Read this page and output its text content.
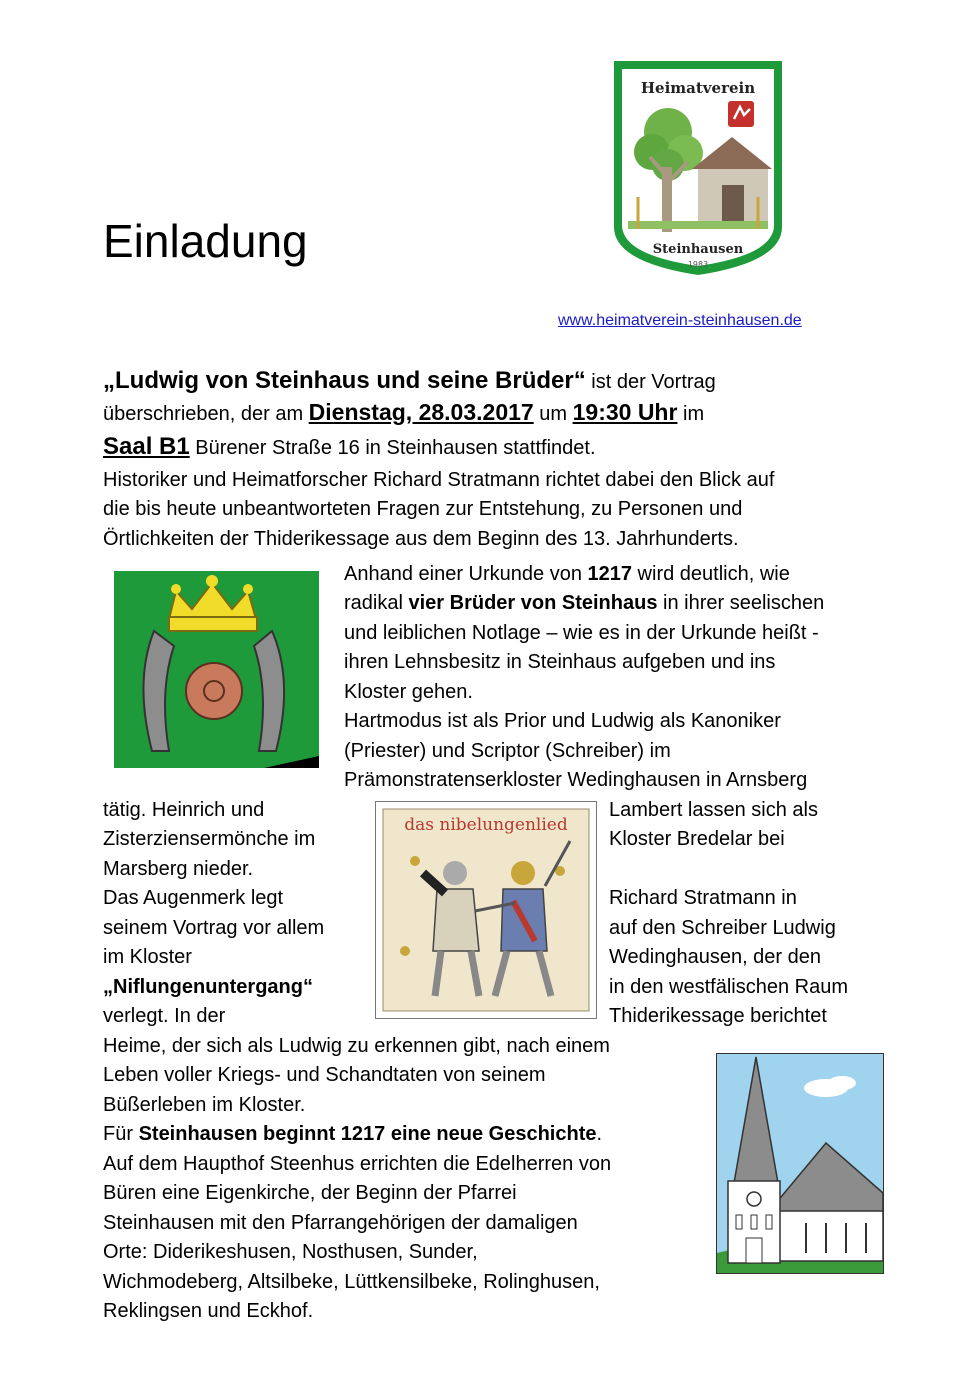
Einladung
Heimatverein
Steinhausen
1983
www.heimatverein-steinhausen.de
„Ludwig von Steinhaus und seine Brüder“ ist der Vortrag
überschrieben, der am Dienstag, 28.03.2017 um 19:30 Uhr im
Saal B1 Bürener Straße 16 in Steinhausen stattfindet.
Historiker und Heimatforscher Richard Stratmann richtet dabei den Blick auf
die bis heute unbeantworteten Fragen zur Entstehung, zu Personen und
Örtlichkeiten der Thiderikessage aus dem Beginn des 13. Jahrhunderts.
Anhand einer Urkunde von 1217 wird deutlich, wie
radikal vier Brüder von Steinhaus in ihrer seelischen
und leiblichen Notlage – wie es in der Urkunde heißt -
ihren Lehnsbesitz in Steinhaus aufgeben und ins
Kloster gehen.
Hartmodus ist als Prior und Ludwig als Kanoniker
(Priester) und Scriptor (Schreiber) im
Prämonstratenserkloster Wedinghausen in Arnsberg
tätig. Heinrich und
Zisterziensermönche im
Marsberg nieder.
Das Augenmerk legt
seinem Vortrag vor allem
im Kloster
„Niflungenuntergang“
verlegt. In der
das nibelungenlied
Lambert lassen sich als
Kloster Bredelar bei
Richard Stratmann in
auf den Schreiber Ludwig
Wedinghausen, der den
in den westfälischen Raum
Thiderikessage berichtet
Heime, der sich als Ludwig zu erkennen gibt, nach einem
Leben voller Kriegs- und Schandtaten von seinem
Büßerleben im Kloster.
Für Steinhausen beginnt 1217 eine neue Geschichte.
Auf dem Haupthof Steenhus errichten die Edelherren von
Büren eine Eigenkirche, der Beginn der Pfarrei
Steinhausen mit den Pfarrangehörigen der damaligen
Orte: Diderikeshusen, Nosthusen, Sunder,
Wichmodeberg, Altsilbeke, Lüttkensilbeke, Rolinghusen,
Reklingsen und Eckhof.
